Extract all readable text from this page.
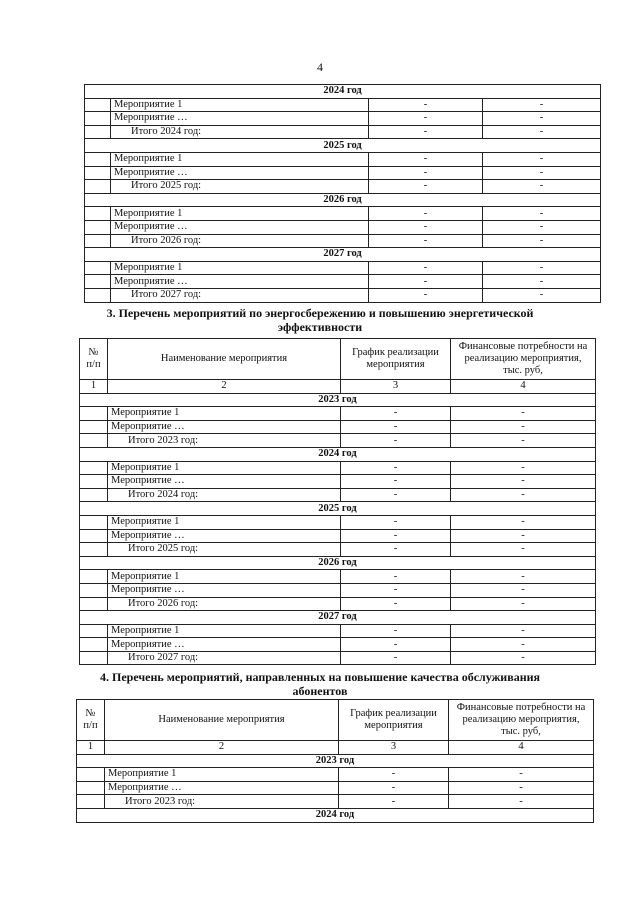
4
2024 год			
	Мероприятие 1	-	-
	Мероприятие …	-	-
	Итого 2024 год:	-	-
2025 год			
	Мероприятие 1	-	-
	Мероприятие …	-	-
	Итого 2025 год:	-	-
2026 год			
	Мероприятие 1	-	-
	Мероприятие …	-	-
	Итого 2026 год:	-	-
2027 год			
	Мероприятие 1	-	-
	Мероприятие …	-	-
	Итого 2027 год:	-	-
3. Перечень мероприятий по энергосбережению и повышению энергетической
эффективности
№ п/п	Наименование мероприятия	График реализации мероприятия	Финансовые потребности на реализацию мероприятия, тыс. руб,
1	2	3	4
2023 год			
	Мероприятие 1	-	-
	Мероприятие …	-	-
	Итого 2023 год:	-	-
2024 год			
	Мероприятие 1	-	-
	Мероприятие …	-	-
	Итого 2024 год:	-	-
2025 год			
	Мероприятие 1	-	-
	Мероприятие …	-	-
	Итого 2025 год:	-	-
2026 год			
	Мероприятие 1	-	-
	Мероприятие …	-	-
	Итого 2026 год:	-	-
2027 год			
	Мероприятие 1	-	-
	Мероприятие …	-	-
	Итого 2027 год:	-	-
4. Перечень мероприятий, направленных на повышение качества обслуживания
абонентов
№ п/п	Наименование мероприятия	График реализации мероприятия	Финансовые потребности на реализацию мероприятия, тыс. руб,
1	2	3	4
2023 год			
	Мероприятие 1	-	-
	Мероприятие …	-	-
	Итого 2023 год:	-	-
2024 год			
